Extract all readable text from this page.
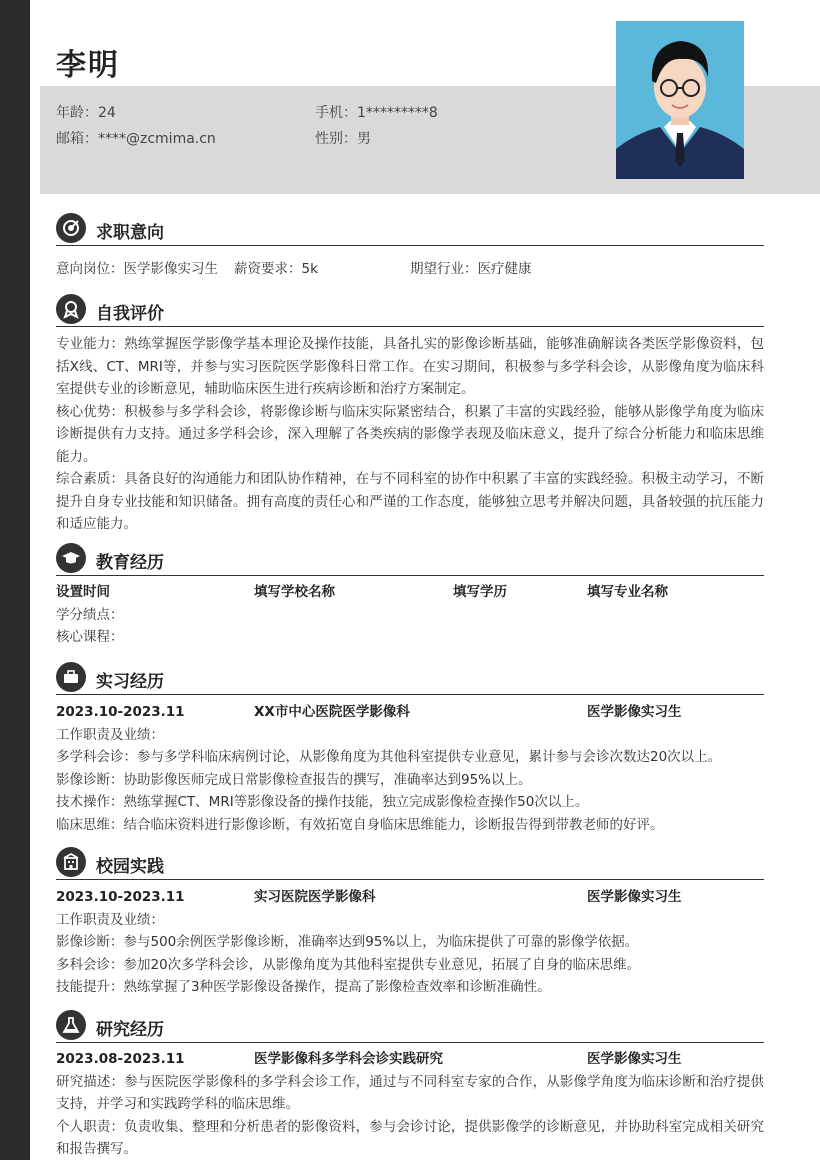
李明
年龄：24	手机：1*********8
邮箱：****@zcmima.cn	性别：男
求职意向
意向岗位：医学影像实习生 薪资要求：5k	期望行业：医疗健康
自我评价
专业能力：熟练掌握医学影像学基本理论及操作技能，具备扎实的影像诊断基础，能够准确解读各类医学影像资料，包括X线、CT、MRI等，并参与实习医院医学影像科日常工作。在实习期间，积极参与多学科会诊，从影像角度为临床科室提供专业的诊断意见，辅助临床医生进行疾病诊断和治疗方案制定。
核心优势：积极参与多学科会诊，将影像诊断与临床实际紧密结合，积累了丰富的实践经验，能够从影像学角度为临床诊断提供有力支持。通过多学科会诊，深入理解了各类疾病的影像学表现及临床意义，提升了综合分析能力和临床思维能力。
综合素质：具备良好的沟通能力和团队协作精神，在与不同科室的协作中积累了丰富的实践经验。积极主动学习，不断提升自身专业技能和知识储备。拥有高度的责任心和严谨的工作态度，能够独立思考并解决问题，具备较强的抗压能力和适应能力。
教育经历
设置时间	填写学校名称	填写学历	填写专业名称
学分绩点：
核心课程：
实习经历
2023.10-2023.11	XX市中心医院医学影像科	医学影像实习生
工作职责及业绩：
多学科会诊：参与多学科临床病例讨论，从影像角度为其他科室提供专业意见，累计参与会诊次数达20次以上。
影像诊断：协助影像医师完成日常影像检查报告的撰写，准确率达到95%以上。
技术操作：熟练掌握CT、MRI等影像设备的操作技能，独立完成影像检查操作50次以上。
临床思维：结合临床资料进行影像诊断，有效拓宽自身临床思维能力，诊断报告得到带教老师的好评。
校园实践
2023.10-2023.11	实习医院医学影像科	医学影像实习生
工作职责及业绩：
影像诊断：参与500余例医学影像诊断，准确率达到95%以上，为临床提供了可靠的影像学依据。
多科会诊：参加20次多学科会诊，从影像角度为其他科室提供专业意见，拓展了自身的临床思维。
技能提升：熟练掌握了3种医学影像设备操作，提高了影像检查效率和诊断准确性。
研究经历
2023.08-2023.11	医学影像科多学科会诊实践研究	医学影像实习生
研究描述：参与医院医学影像科的多学科会诊工作，通过与不同科室专家的合作，从影像学角度为临床诊断和治疗提供支持，并学习和实践跨学科的临床思维。
个人职责：负责收集、整理和分析患者的影像资料，参与会诊讨论，提供影像学的诊断意见，并协助科室完成相关研究和报告撰写。
